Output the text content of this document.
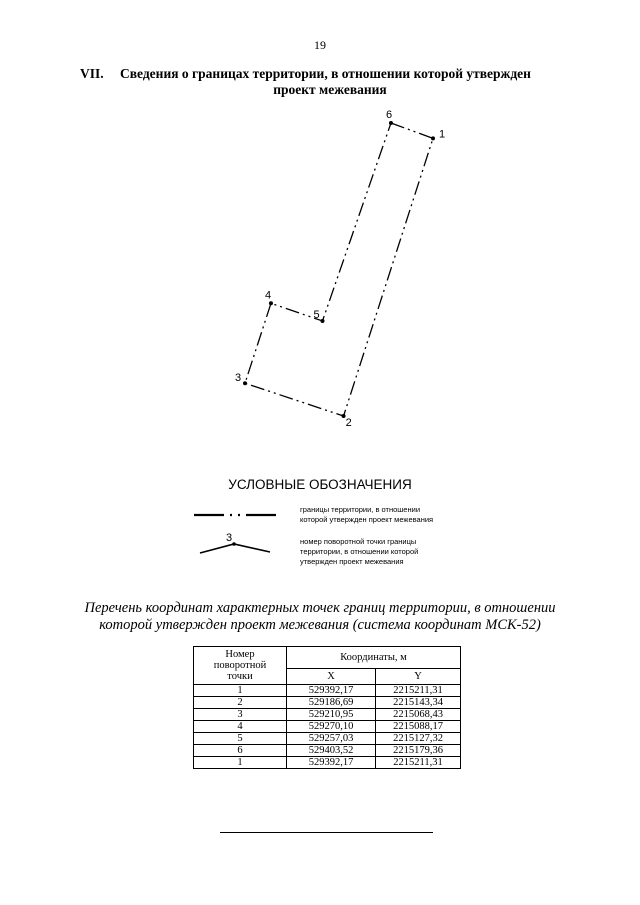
19
VII. Сведения о границах территории, в отношении которой утвержден
проект межевания
1
2
3
4
5
6
УСЛОВНЫЕ ОБОЗНАЧЕНИЯ
границы территории, в отношении
которой утвержден проект межевания
3	номер поворотной точки границы
территории, в отношении которой
утвержден проект межевания
Перечень координат характерных точек границ территории, в отношении
которой утвержден проект межевания (система координат МСК-52)
Номер
поворотной
точки	Координаты, м	
	X	Y
1	529392,17	2215211,31
2	529186,69	2215143,34
3	529210,95	2215068,43
4	529270,10	2215088,17
5	529257,03	2215127,32
6	529403,52	2215179,36
1	529392,17	2215211,31
